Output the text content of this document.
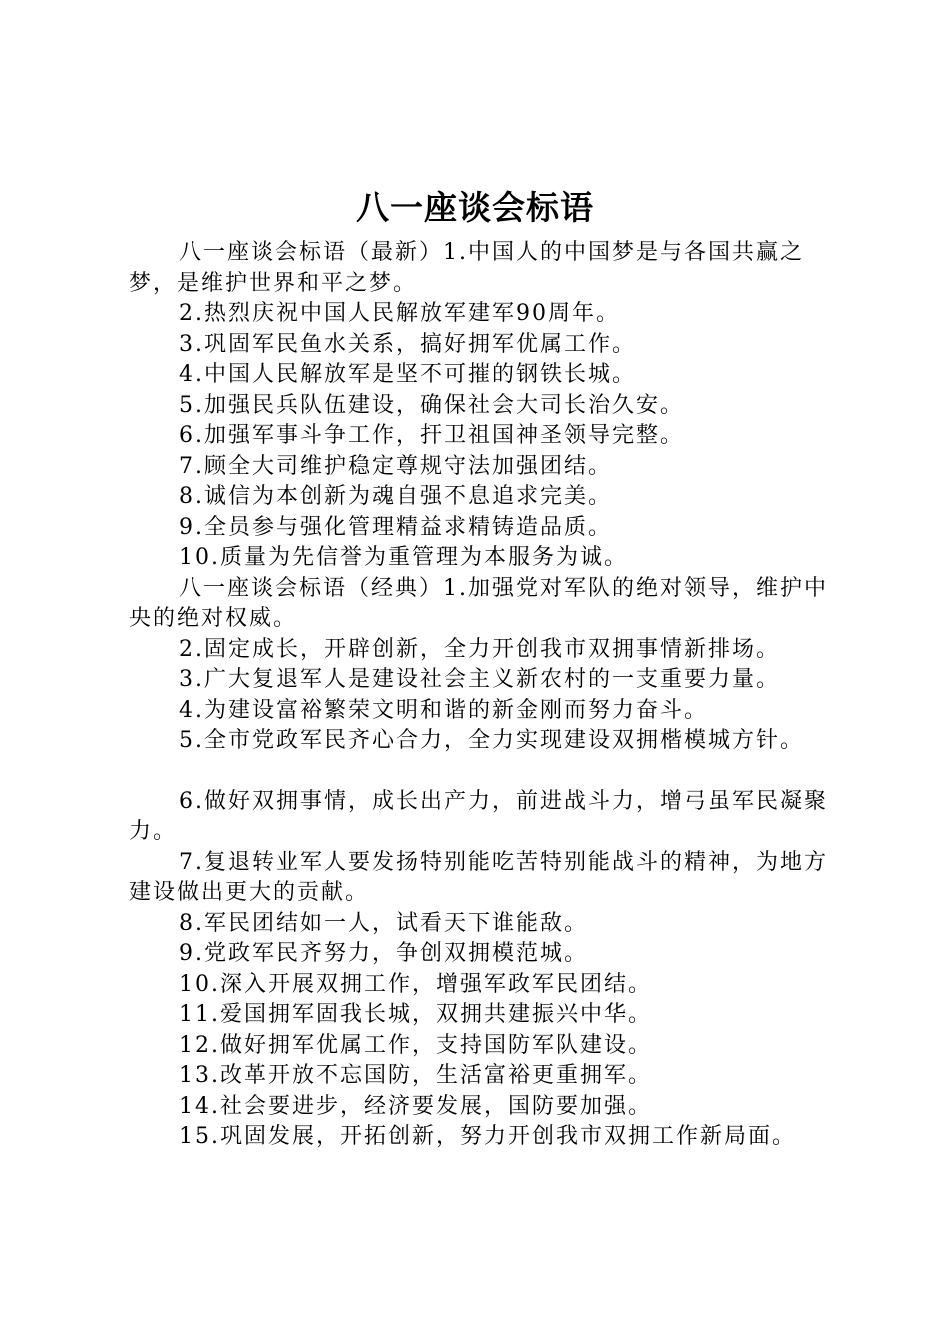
八一座谈会标语

八一座谈会标语（最新）1.中国人的中国梦是与各国共赢之梦，是维护世界和平之梦。

2.热烈庆祝中国人民解放军建军90周年。

3.巩固军民鱼水关系，搞好拥军优属工作。

4.中国人民解放军是坚不可摧的钢铁长城。

5.加强民兵队伍建设，确保社会大司长治久安。

6.加强军事斗争工作，扞卫祖国神圣领导完整。

7.顾全大司维护稳定尊规守法加强团结。

8.诚信为本创新为魂自强不息追求完美。

9.全员参与强化管理精益求精铸造品质。

10.质量为先信誉为重管理为本服务为诚。

八一座谈会标语（经典）1.加强党对军队的绝对领导，维护中央的绝对权威。

2.固定成长，开辟创新，全力开创我市双拥事情新排场。

3.广大复退军人是建设社会主义新农村的一支重要力量。

4.为建设富裕繁荣文明和谐的新金刚而努力奋斗。

5.全市党政军民齐心合力，全力实现建设双拥楷模城方针。

6.做好双拥事情，成长出产力，前进战斗力，增弓虽军民凝聚力。

7.复退转业军人要发扬特别能吃苦特别能战斗的精神，为地方建设做出更大的贡献。

8.军民团结如一人，试看天下谁能敌。

9.党政军民齐努力，争创双拥模范城。

10.深入开展双拥工作，增强军政军民团结。

11.爱国拥军固我长城，双拥共建振兴中华。

12.做好拥军优属工作，支持国防军队建设。

13.改革开放不忘国防，生活富裕更重拥军。

14.社会要进步，经济要发展，国防要加强。

15.巩固发展，开拓创新，努力开创我市双拥工作新局面。
